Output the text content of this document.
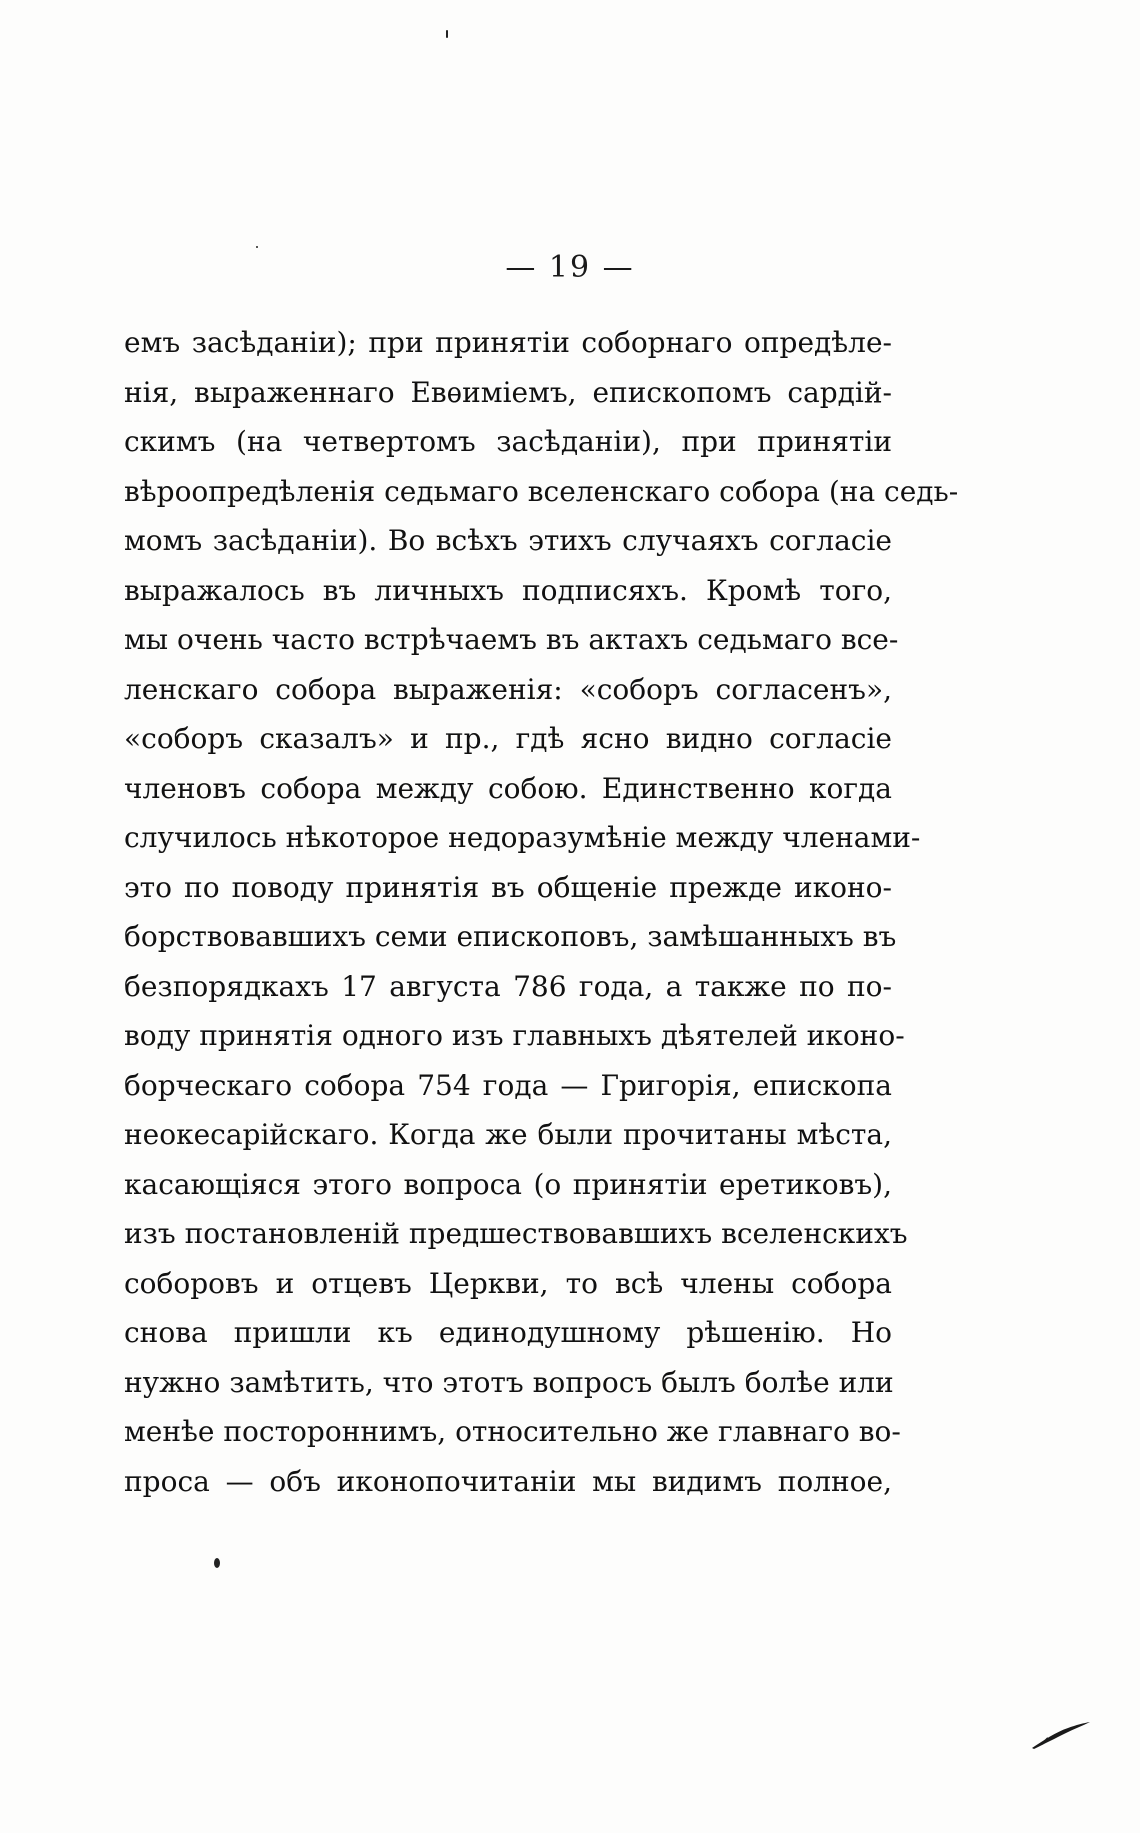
— 19 —
емъ засѣданіи); при принятіи соборнаго опредѣле-
нія, выраженнаго Евѳиміемъ, епископомъ сардій-
скимъ (на четвертомъ засѣданіи), при принятіи
вѣроопредѣленія седьмаго вселенскаго собора (на седь-
момъ засѣданіи). Во всѣхъ этихъ случаяхъ согласіе
выражалось въ личныхъ подписяхъ. Кромѣ того,
мы очень часто встрѣчаемъ въ актахъ седьмаго все-
ленскаго собора выраженія: «соборъ согласенъ»,
«соборъ сказалъ» и пр., гдѣ ясно видно согласіе
членовъ собора между собою. Единственно когда
случилось нѣкоторое недоразумѣніе между членами-
это по поводу принятія въ общеніе прежде иконо-
борствовавшихъ семи епископовъ, замѣшанныхъ въ
безпорядкахъ 17 августа 786 года, а также по по-
воду принятія одного изъ главныхъ дѣятелей иконо-
борческаго собора 754 года — Григорія, епископа
неокесарійскаго. Когда же были прочитаны мѣста,
касающіяся этого вопроса (о принятіи еретиковъ),
изъ постановленій предшествовавшихъ вселенскихъ
соборовъ и отцевъ Церкви, то всѣ члены собора
снова пришли къ единодушному рѣшенію. Но
нужно замѣтить, что этотъ вопросъ былъ болѣе или
менѣе постороннимъ, относительно же главнаго во-
проса — объ иконопочитаніи мы видимъ полное,
